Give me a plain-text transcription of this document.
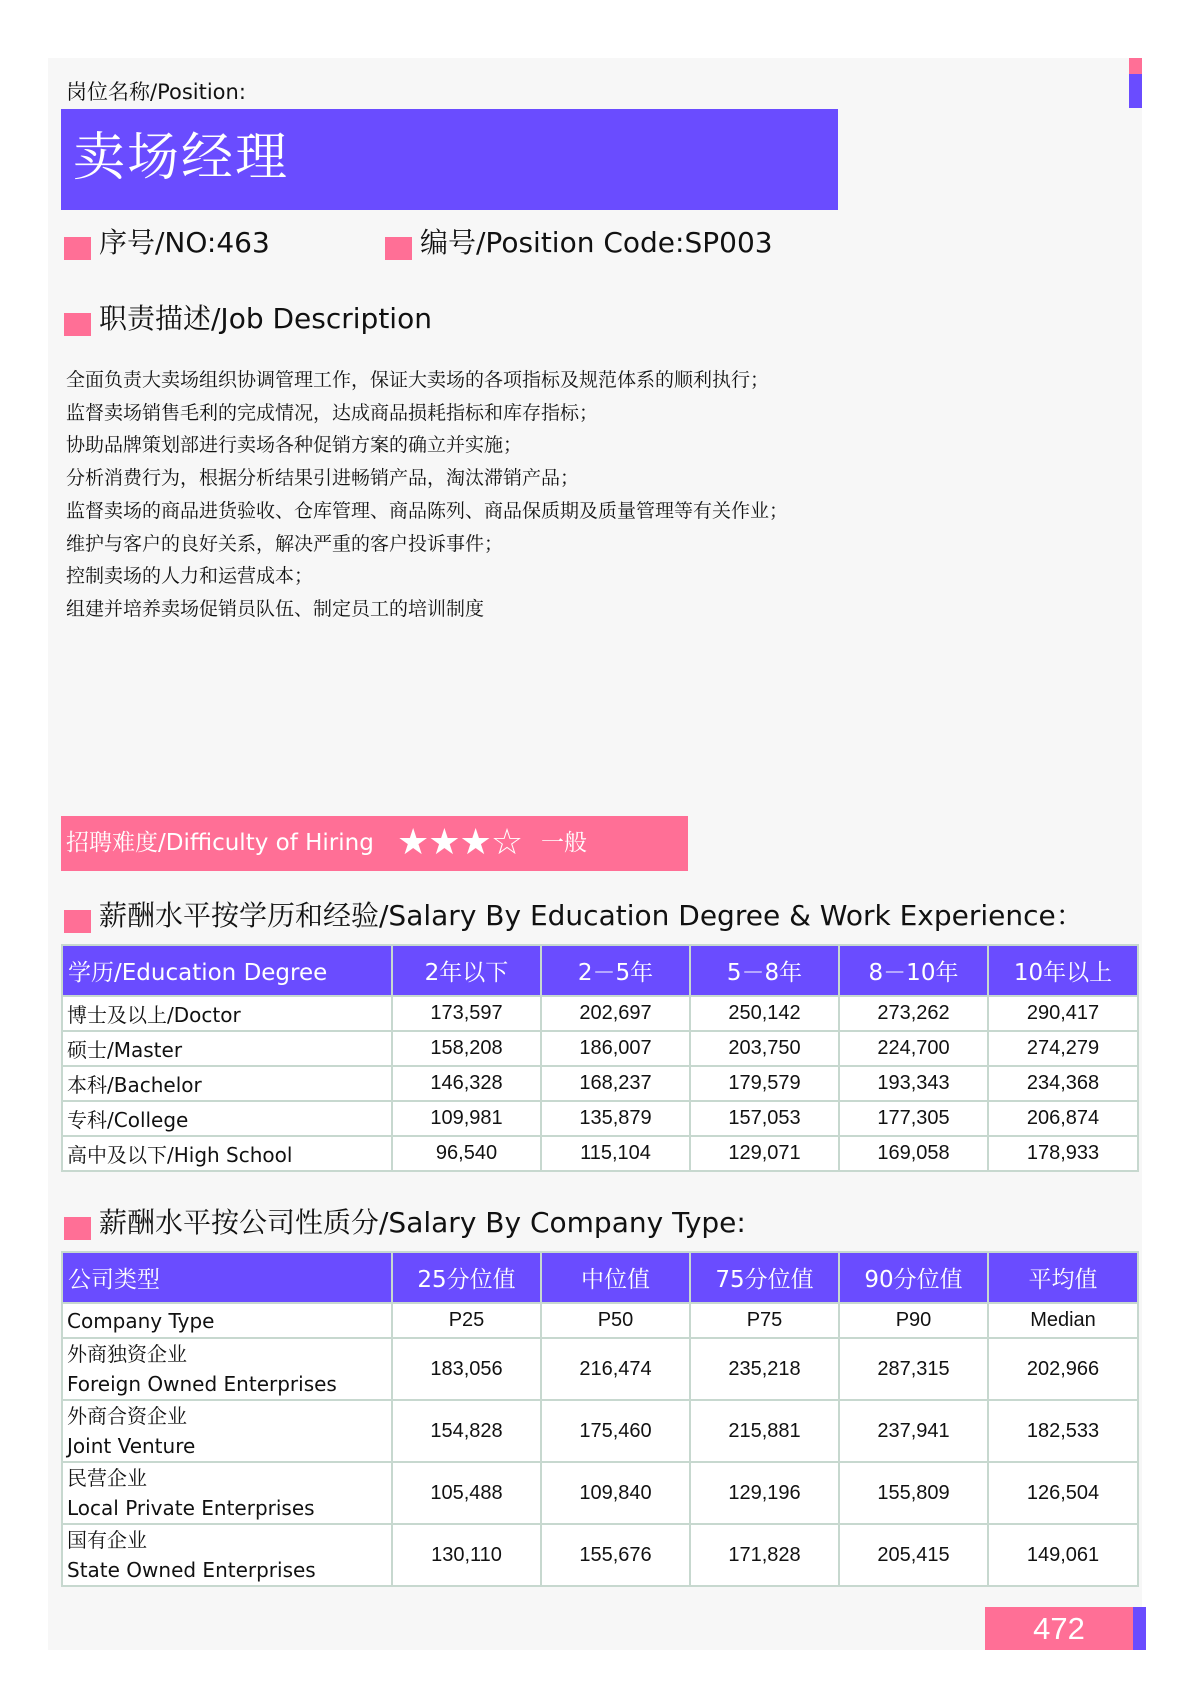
岗位名称/Position:
卖场经理
序号/NO:463	编号/Position Code:SP003
职责描述/Job Description
全面负责大卖场组织协调管理工作，保证大卖场的各项指标及规范体系的顺利执行；
监督卖场销售毛利的完成情况，达成商品损耗指标和库存指标；
协助品牌策划部进行卖场各种促销方案的确立并实施；
分析消费行为，根据分析结果引进畅销产品，淘汰滞销产品；
监督卖场的商品进货验收、仓库管理、商品陈列、商品保质期及质量管理等有关作业；
维护与客户的良好关系，解决严重的客户投诉事件；
控制卖场的人力和运营成本；
组建并培养卖场促销员队伍、制定员工的培训制度
招聘难度/Difficulty of Hiring ★★★☆ 一般
薪酬水平按学历和经验/Salary By Education Degree & Work Experience：
学历/Education Degree	2年以下	2－5年	5－8年	8－10年	10年以上
博士及以上/Doctor	173,597	202,697	250,142	273,262	290,417
硕士/Master	158,208	186,007	203,750	224,700	274,279
本科/Bachelor	146,328	168,237	179,579	193,343	234,368
专科/College	109,981	135,879	157,053	177,305	206,874
高中及以下/High School	96,540	115,104	129,071	169,058	178,933
薪酬水平按公司性质分/Salary By Company Type:
公司类型	25分位值	中位值	75分位值	90分位值	平均值
Company Type	P25	P50	P75	P90	Median

外商独资企业
Foreign Owned Enterprises	183,056	216,474	235,218	287,315	202,966

外商合资企业
Joint Venture	154,828	175,460	215,881	237,941	182,533

民营企业
Local Private Enterprises	105,488	109,840	129,196	155,809	126,504

国有企业
State Owned Enterprises	130,110	155,676	171,828	205,415	149,061
472
